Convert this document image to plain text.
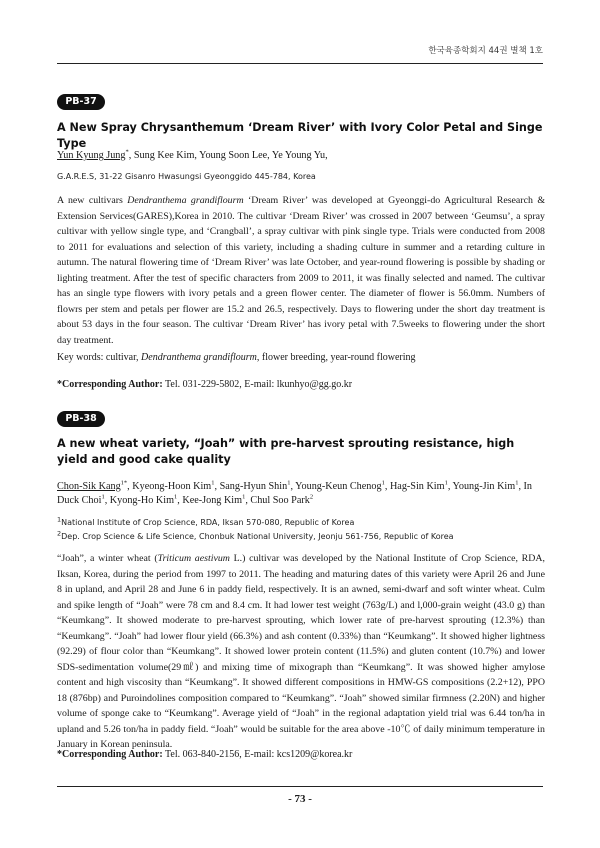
한국육종학회지 44권 별책 1호
PB-37
A New Spray Chrysanthemum ‘Dream River’ with Ivory Color Petal and Singe Type
Yun Kyung Jung*, Sung Kee Kim, Young Soon Lee, Ye Young Yu,
G.A.R.E.S, 31-22 Gisanro Hwasungsi Gyeonggido 445-784, Korea

A new cultivars Dendranthema grandiflourm ‘Dream River’ was developed at Gyeonggi-do Agricultural Research & Extension Services(GARES),Korea in 2010. The cultivar ‘Dream River’ was crossed in 2007 between ‘Geumsu’, a spray cultivar with yellow single type, and ‘Crangball’, a spray cultivar with pink single type. Trials were conducted from 2008 to 2011 for evaluations and selection of this variety, including a shading culture in summer and a retarding culture in autumn. The natural flowering time of ‘Dream River’ was late October, and year-round flowering is possible by shading or lighting treatment. After the test of specific characters from 2009 to 2011, it was finally selected and named. The cultivar has an single type flowers with ivory petals and a green flower center. The diameter of flower is 56.0mm. Numbers of flowrs per stem and petals per flower are 15.2 and 26.5, respectively. Days to flowering under the short day treatment is about 53 days in the four season. The cultivar ‘Dream River’ has ivory petal with 7.5weeks to flowering under the short day treatment.

Key words: cultivar, Dendranthema grandiflourm, flower breeding, year-round flowering
*Corresponding Author: Tel. 031-229-5802, E-mail: lkunhyo@gg.go.kr
PB-38
A new wheat variety, “Joah” with pre-harvest sprouting resistance, high yield and good cake quality
Chon-Sik Kang$^{1*}$, Kyeong-Hoon Kim$^1$, Sang-Hyun Shin$^1$, Young-Keun Chenog$^1$, Hag-Sin Kim$^1$, Young-Jin Kim$^1$, In Duck Choi$^1$, Kyong-Ho Kim$^1$, Kee-Jong Kim$^1$, Chul Soo Park$^2$
$^1$National Institute of Crop Science, RDA, Iksan 570-080, Republic of Korea
$^2$Dep. Crop Science & Life Science, Chonbuk National University, Jeonju 561-756, Republic of Korea

“Joah”, a winter wheat (Triticum aestivum L.) cultivar was developed by the National Institute of Crop Science, RDA, Iksan, Korea, during the period from 1997 to 2011. The heading and maturing dates of this variety were April 26 and June 8 in upland, and April 28 and June 6 in paddy field, respectively. It is an awned, semi-dwarf and soft winter wheat. Culm and spike length of “Joah” were 78 cm and 8.4 cm. It had lower test weight (763g/L) and l,000-grain weight (43.0 g) than “Keumkang”. It showed moderate to pre-harvest sprouting, which lower rate of pre-harvest sprouting (12.3%) than “Keumkang”. “Joah” had lower flour yield (66.3%) and ash content (0.33%) than “Keumkang”. It showed higher lightness (92.29) of flour color than “Keumkang”. It showed lower protein content (11.5%) and gluten content (10.7%) and lower SDS-sedimentation volume(29㎖) and mixing time of mixograph than “Keumkang”. It was showed higher amylose content and high viscosity than “Keumkang”. It showed different compositions in HMW-GS compositions (2.2+12), PPO 18 (876bp) and Puroindolines composition compared to “Keumkang”. “Joah” showed similar firmness (2.20N) and higher volume of sponge cake to “Keumkang”. Average yield of “Joah” in the regional adaptation yield trial was 6.44 ton/ha in upland and 5.26 ton/ha in paddy field. “Joah” would be suitable for the area above -10℃ of daily minimum temperature in January in Korean peninsula.

*Corresponding Author: Tel. 063-840-2156, E-mail: kcs1209@korea.kr
- 73 -
